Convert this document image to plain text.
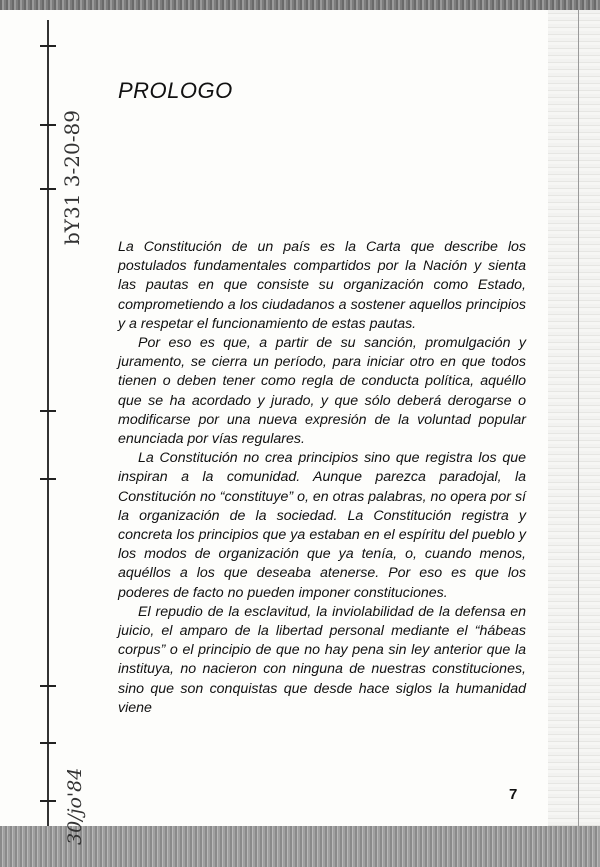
bY31 3-20-89
30/jo'84
PROLOGO

La Constitución de un país es la Carta que describe los postulados fundamentales compartidos por la Nación y sienta las pautas en que consiste su organización como Estado, comprometiendo a los ciudadanos a sostener aquellos principios y a respetar el funcionamiento de estas pautas.

Por eso es que, a partir de su sanción, promulgación y juramento, se cierra un período, para iniciar otro en que todos tienen o deben tener como regla de conducta política, aquéllo que se ha acordado y jurado, y que sólo deberá derogarse o modificarse por una nueva expresión de la voluntad popular enunciada por vías regulares.

La Constitución no crea principios sino que registra los que inspiran a la comunidad. Aunque parezca paradojal, la Constitución no “constituye” o, en otras palabras, no opera por sí la organización de la sociedad. La Constitución registra y concreta los principios que ya estaban en el espíritu del pueblo y los modos de organización que ya tenía, o, cuando menos, aquéllos a los que deseaba atenerse. Por eso es que los poderes de facto no pueden imponer constituciones.

El repudio de la esclavitud, la inviolabilidad de la defensa en juicio, el amparo de la libertad personal mediante el “hábeas corpus” o el principio de que no hay pena sin ley anterior que la instituya, no nacieron con ninguna de nuestras constituciones, sino que son conquistas que desde hace siglos la humanidad viene

7
